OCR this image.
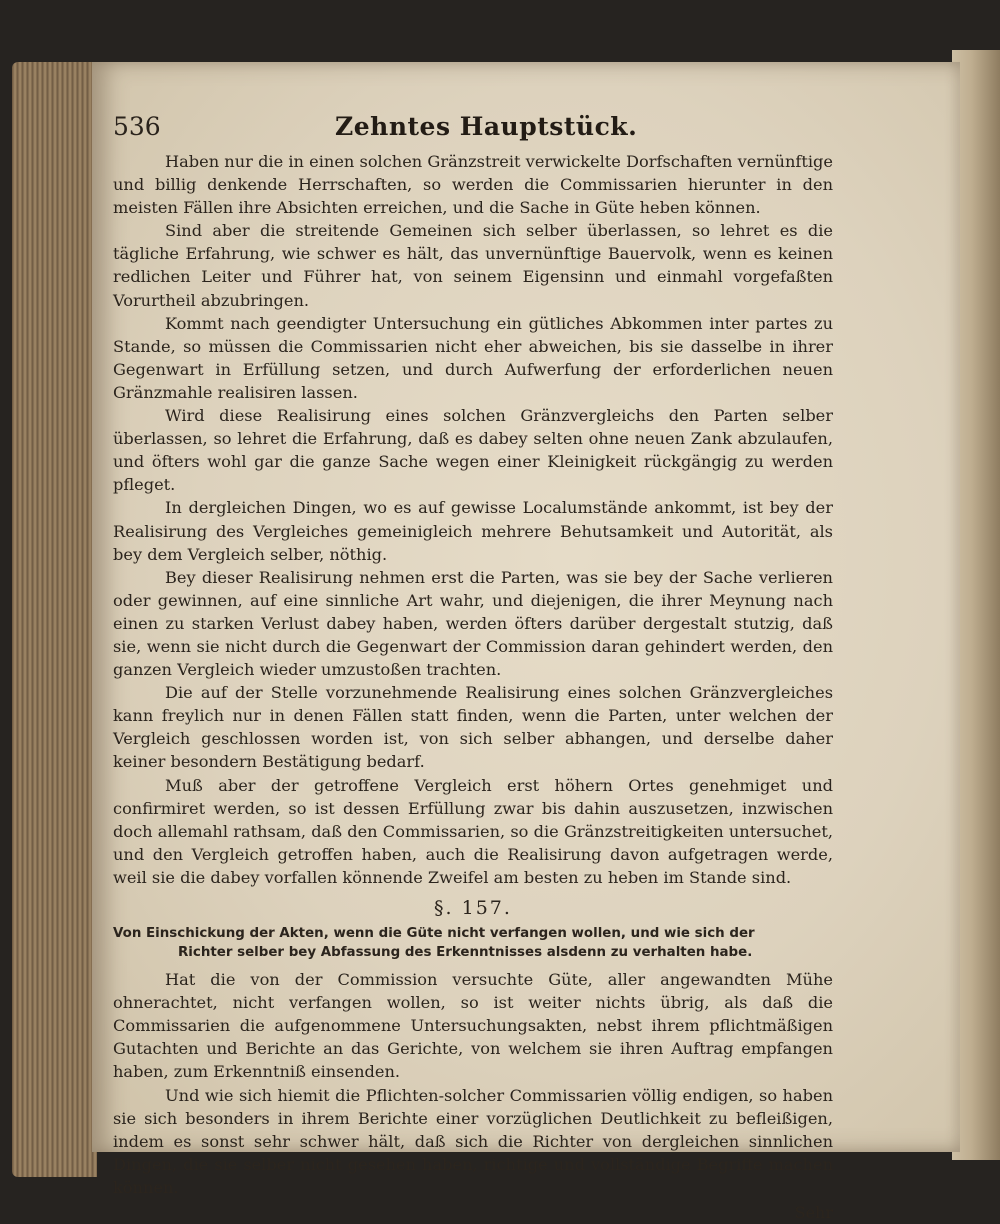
536	Zehntes Hauptstück.

Haben nur die in einen solchen Gränzstreit verwickelte Dorfschaften vernünftige und billig denkende Herrschaften, so werden die Commissarien hierunter in den meisten Fällen ihre Absichten erreichen, und die Sache in Güte heben können.

Sind aber die streitende Gemeinen sich selber überlassen, so lehret es die tägliche Erfahrung, wie schwer es hält, das unvernünftige Bauervolk, wenn es keinen redlichen Leiter und Führer hat, von seinem Eigensinn und einmahl vorgefaßten Vorurtheil abzubringen.

Kommt nach geendigter Untersuchung ein gütliches Abkommen inter partes zu Stande, so müssen die Commissarien nicht eher abweichen, bis sie dasselbe in ihrer Gegenwart in Erfüllung setzen, und durch Aufwerfung der erforderlichen neuen Gränzmahle realisiren lassen.

Wird diese Realisirung eines solchen Gränzvergleichs den Parten selber überlassen, so lehret die Erfahrung, daß es dabey selten ohne neuen Zank abzulaufen, und öfters wohl gar die ganze Sache wegen einer Kleinigkeit rückgängig zu werden pfleget.

In dergleichen Dingen, wo es auf gewisse Localumstände ankommt, ist bey der Realisirung des Vergleiches gemeinigleich mehrere Behutsamkeit und Autorität, als bey dem Vergleich selber, nöthig.

Bey dieser Realisirung nehmen erst die Parten, was sie bey der Sache verlieren oder gewinnen, auf eine sinnliche Art wahr, und diejenigen, die ihrer Meynung nach einen zu starken Verlust dabey haben, werden öfters darüber dergestalt stutzig, daß sie, wenn sie nicht durch die Gegenwart der Commission daran gehindert werden, den ganzen Vergleich wieder umzustoßen trachten.

Die auf der Stelle vorzunehmende Realisirung eines solchen Gränzvergleiches kann freylich nur in denen Fällen statt finden, wenn die Parten, unter welchen der Vergleich geschlossen worden ist, von sich selber abhangen, und derselbe daher keiner besondern Bestätigung bedarf.

Muß aber der getroffene Vergleich erst höhern Ortes genehmiget und confirmiret werden, so ist dessen Erfüllung zwar bis dahin auszusetzen, inzwischen doch allemahl rathsam, daß den Commissarien, so die Gränzstreitigkeiten untersuchet, und den Vergleich getroffen haben, auch die Realisirung davon aufgetragen werde, weil sie die dabey vorfallen könnende Zweifel am besten zu heben im Stande sind.

§. 157.
Von Einschickung der Akten, wenn die Güte nicht verfangen wollen, und wie sich der
Richter selber bey Abfassung des Erkenntnisses alsdenn zu verhalten habe.

Hat die von der Commission versuchte Güte, aller angewandten Mühe ohnerachtet, nicht verfangen wollen, so ist weiter nichts übrig, als daß die Commissarien die aufgenommene Untersuchungsakten, nebst ihrem pflichtmäßigen Gutachten und Berichte an das Gerichte, von welchem sie ihren Auftrag empfangen haben, zum Erkenntniß einsenden.

Und wie sich hiemit die Pflichten-solcher Commissarien völlig endigen, so haben sie sich besonders in ihrem Berichte einer vorzüglichen Deutlichkeit zu befleißigen, indem es sonst sehr schwer hält, daß sich die Richter von dergleichen sinnlichen Dingen, die sie selber nicht gesehen haben, richtige und vollständige Begriffe machen können.

Sehr
